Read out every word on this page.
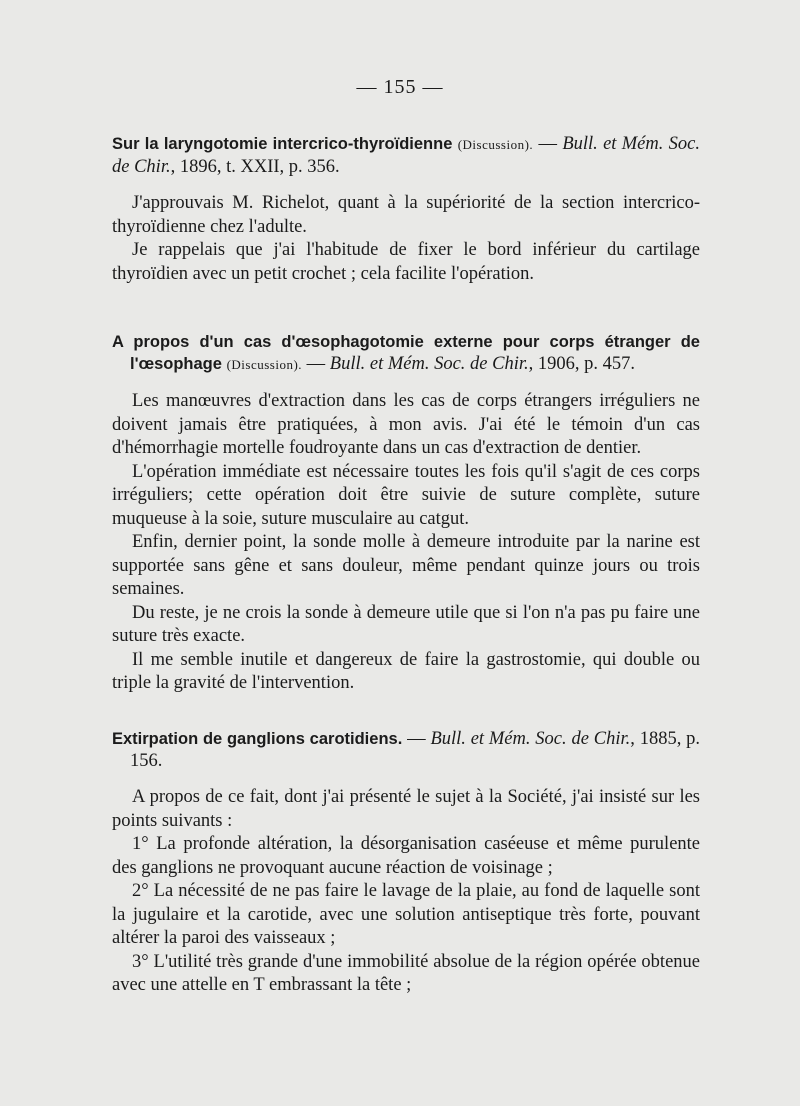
— 155 —

Sur la laryngotomie intercrico-thyroïdienne (Discussion). — Bull. et Mém. Soc. de Chir., 1896, t. XXII, p. 356.

J'approuvais M. Richelot, quant à la supériorité de la section intercrico-thyroïdienne chez l'adulte.

Je rappelais que j'ai l'habitude de fixer le bord inférieur du cartilage thyroïdien avec un petit crochet ; cela facilite l'opération.

A propos d'un cas d'œsophagotomie externe pour corps étranger de l'œsophage (Discussion). — Bull. et Mém. Soc. de Chir., 1906, p. 457.

Les manœuvres d'extraction dans les cas de corps étrangers irréguliers ne doivent jamais être pratiquées, à mon avis. J'ai été le témoin d'un cas d'hémorrhagie mortelle foudroyante dans un cas d'extraction de dentier.

L'opération immédiate est nécessaire toutes les fois qu'il s'agit de ces corps irréguliers; cette opération doit être suivie de suture complète, suture muqueuse à la soie, suture musculaire au catgut.

Enfin, dernier point, la sonde molle à demeure introduite par la narine est supportée sans gêne et sans douleur, même pendant quinze jours ou trois semaines.

Du reste, je ne crois la sonde à demeure utile que si l'on n'a pas pu faire une suture très exacte.

Il me semble inutile et dangereux de faire la gastrostomie, qui double ou triple la gravité de l'intervention.

Extirpation de ganglions carotidiens. — Bull. et Mém. Soc. de Chir., 1885, p. 156.

A propos de ce fait, dont j'ai présenté le sujet à la Société, j'ai insisté sur les points suivants :

1° La profonde altération, la désorganisation caséeuse et même purulente des ganglions ne provoquant aucune réaction de voisinage ;

2° La nécessité de ne pas faire le lavage de la plaie, au fond de laquelle sont la jugulaire et la carotide, avec une solution antiseptique très forte, pouvant altérer la paroi des vaisseaux ;

3° L'utilité très grande d'une immobilité absolue de la région opérée obtenue avec une attelle en T embrassant la tête ;
